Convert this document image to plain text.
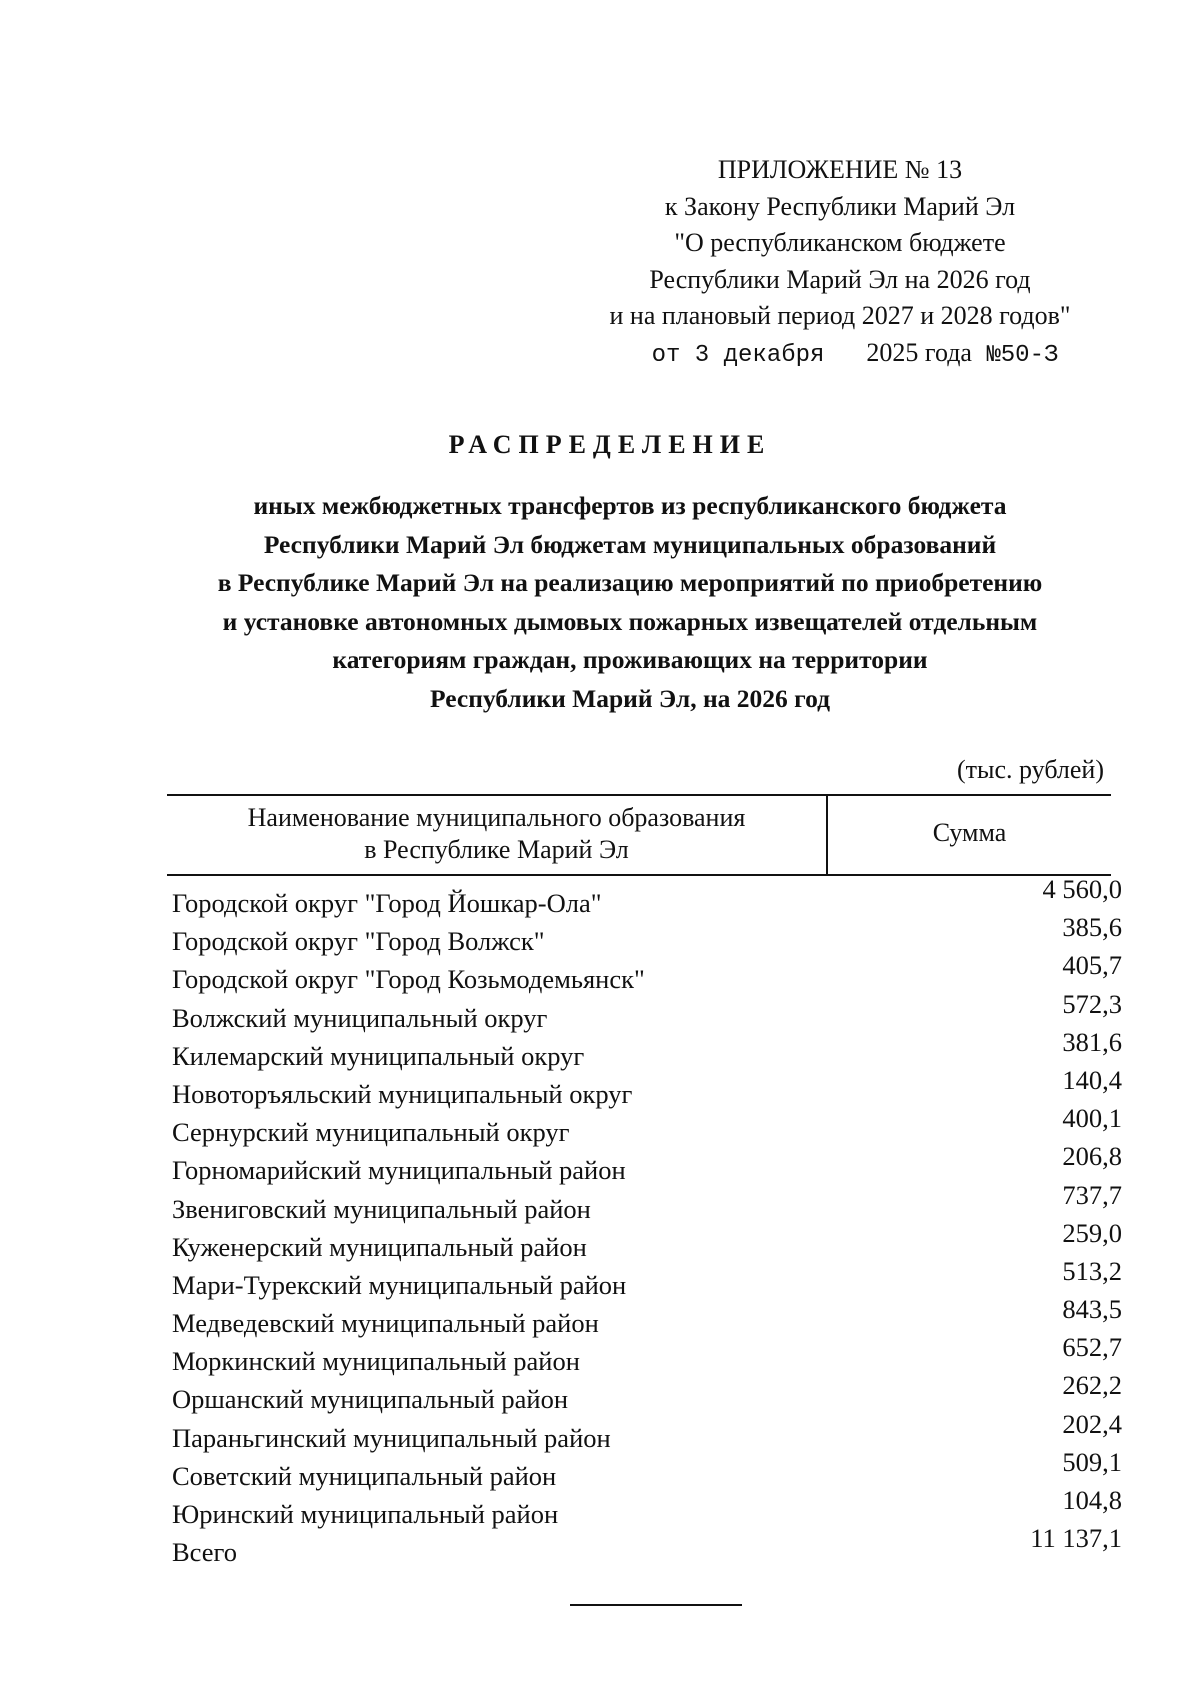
ПРИЛОЖЕНИЕ № 13
к Закону Республики Марий Эл
"О республиканском бюджете
Республики Марий Эл на 2026 год
и на плановый период 2027 и 2028 годов"
от 3 декабря 2025 года №50-З
РАСПРЕДЕЛЕНИЕ
иных межбюджетных трансфертов из республиканского бюджета
Республики Марий Эл бюджетам муниципальных образований
в Республике Марий Эл на реализацию мероприятий по приобретению
и установке автономных дымовых пожарных извещателей отдельным
категориям граждан, проживающих на территории
Республики Марий Эл, на 2026 год
(тыс. рублей)
Наименование муниципального образования
в Республике Марий Эл
Сумма
Городской округ "Город Йошкар-Ола"	4 560,0
Городской округ "Город Волжск"	385,6
Городской округ "Город Козьмодемьянск"	405,7
Волжский муниципальный округ	572,3
Килемарский муниципальный округ	381,6
Новоторъяльский муниципальный округ	140,4
Сернурский муниципальный округ	400,1
Горномарийский муниципальный район	206,8
Звениговский муниципальный район	737,7
Куженерский муниципальный район	259,0
Мари-Турекский муниципальный район	513,2
Медведевский муниципальный район	843,5
Моркинский муниципальный район	652,7
Оршанский муниципальный район	262,2
Параньгинский муниципальный район	202,4
Советский муниципальный район	509,1
Юринский муниципальный район	104,8
Всего	11 137,1
